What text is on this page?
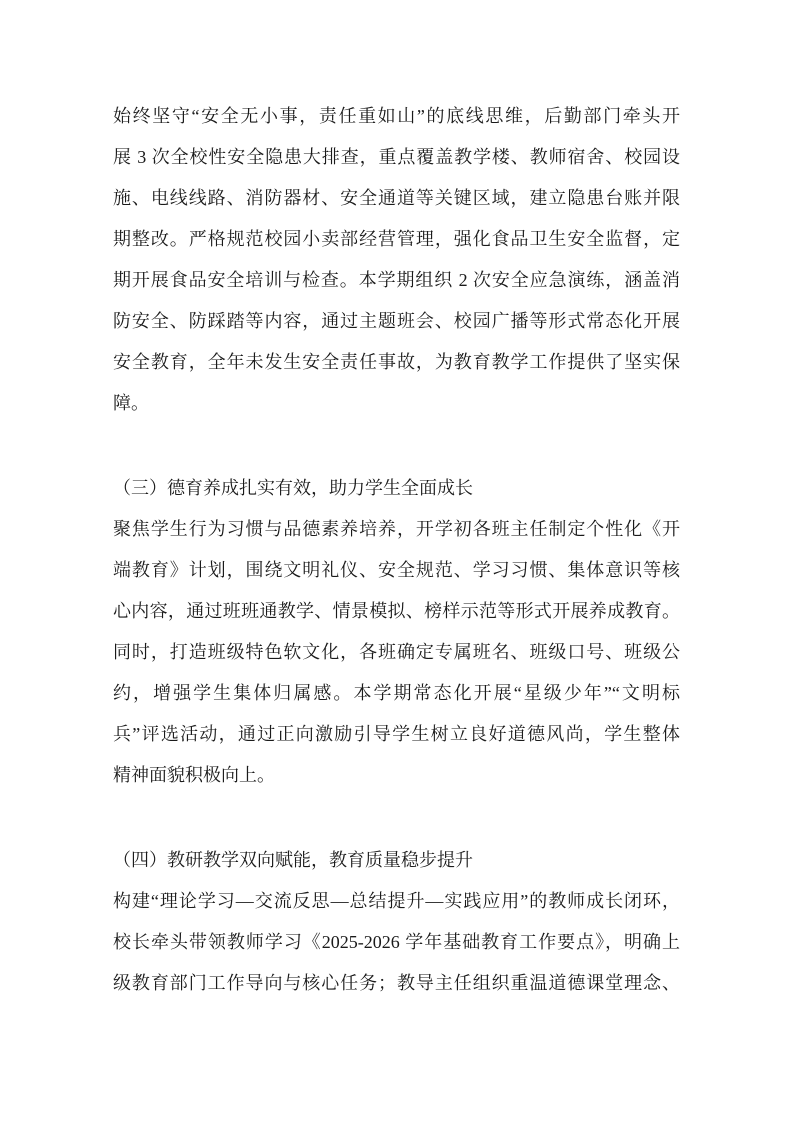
始终坚守“安全无小事，责任重如山”的底线思维，后勤部门牵头开
展 3 次全校性安全隐患大排查，重点覆盖教学楼、教师宿舍、校园设
施、电线线路、消防器材、安全通道等关键区域，建立隐患台账并限
期整改。严格规范校园小卖部经营管理，强化食品卫生安全监督，定
期开展食品安全培训与检查。本学期组织 2 次安全应急演练，涵盖消
防安全、防踩踏等内容，通过主题班会、校园广播等形式常态化开展
安全教育，全年未发生安全责任事故，为教育教学工作提供了坚实保
障。
（三）德育养成扎实有效，助力学生全面成长
聚焦学生行为习惯与品德素养培养，开学初各班主任制定个性化《开
端教育》计划，围绕文明礼仪、安全规范、学习习惯、集体意识等核
心内容，通过班班通教学、情景模拟、榜样示范等形式开展养成教育。
同时，打造班级特色软文化，各班确定专属班名、班级口号、班级公
约，增强学生集体归属感。本学期常态化开展“星级少年”“文明标
兵”评选活动，通过正向激励引导学生树立良好道德风尚，学生整体
精神面貌积极向上。
（四）教研教学双向赋能，教育质量稳步提升
构建“理论学习—交流反思—总结提升—实践应用”的教师成长闭环，
校长牵头带领教师学习《2025-2026 学年基础教育工作要点》，明确上
级教育部门工作导向与核心任务；教导主任组织重温道德课堂理念、
